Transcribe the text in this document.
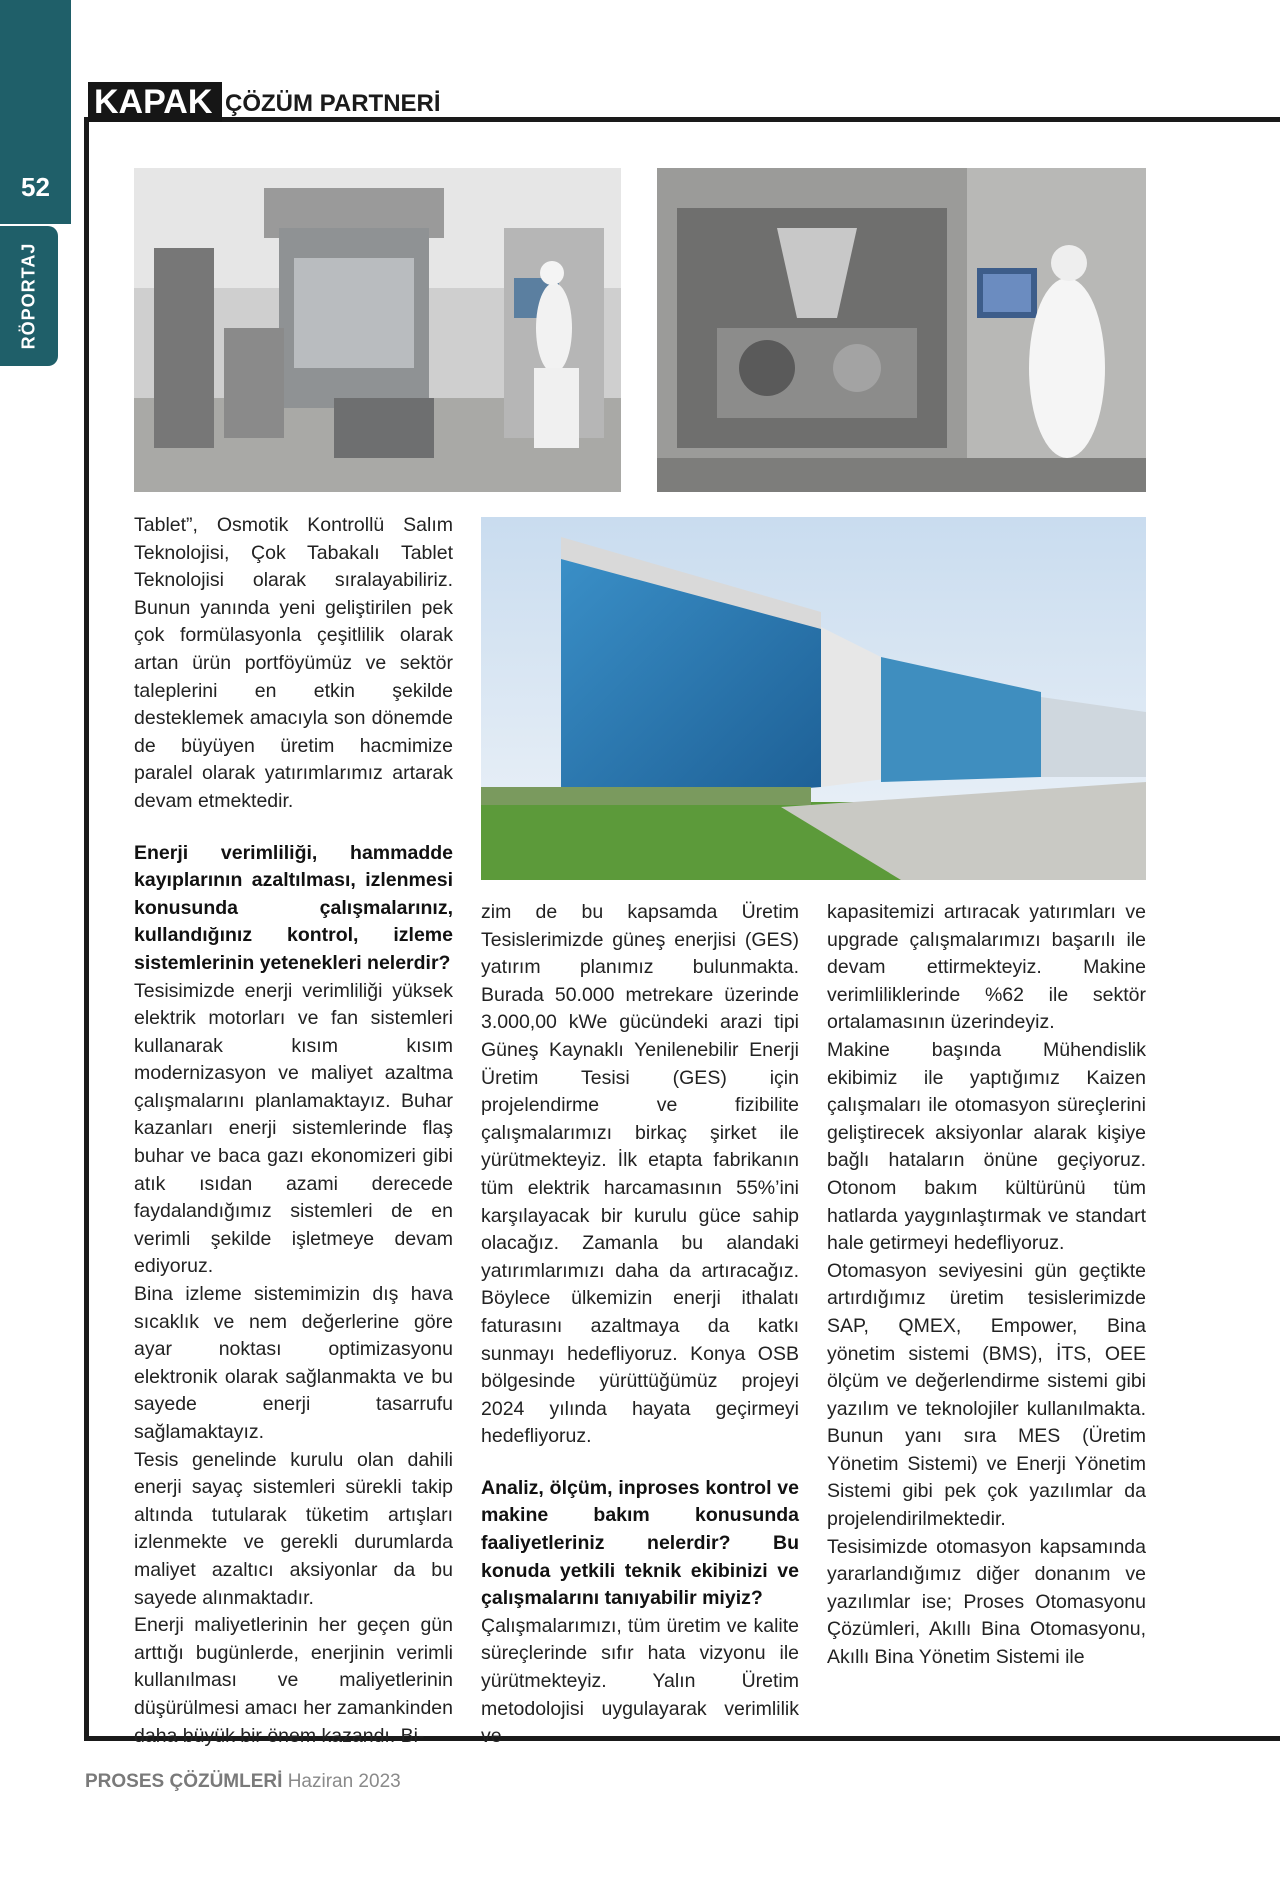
52
RÖPORTAJ
KAPAK ÇÖZÜM PARTNERİ

Tablet”, Osmotik Kontrollü Salım Teknolojisi, Çok Tabakalı Tablet Teknolojisi olarak sıralayabiliriz. Bunun yanında yeni geliştirilen pek çok formülasyonla çeşitlilik olarak artan ürün portföyümüz ve sektör taleplerini en etkin şekilde desteklemek amacıyla son dönemde de büyüyen üretim hacmimize paralel olarak yatırımlarımız artarak devam etmektedir.

Enerji verimliliği, hammadde kayıplarının azaltılması, izlenmesi konusunda çalışmalarınız, kullandığınız kontrol, izleme sistemlerinin yetenekleri nelerdir?

Tesisimizde enerji verimliliği yüksek elektrik motorları ve fan sistemleri kullanarak kısım kısım modernizasyon ve maliyet azaltma çalışmalarını planlamaktayız. Buhar kazanları enerji sistemlerinde flaş buhar ve baca gazı ekonomizeri gibi atık ısıdan azami derecede faydalandığımız sistemleri de en verimli şekilde işletmeye devam ediyoruz.

Bina izleme sistemimizin dış hava sıcaklık ve nem değerlerine göre ayar noktası optimizasyonu elektronik olarak sağlanmakta ve bu sayede enerji tasarrufu sağlamaktayız.

Tesis genelinde kurulu olan dahili enerji sayaç sistemleri sürekli takip altında tutularak tüketim artışları izlenmekte ve gerekli durumlarda maliyet azaltıcı aksiyonlar da bu sayede alınmaktadır.

Enerji maliyetlerinin her geçen gün arttığı bugünlerde, enerjinin verimli kullanılması ve maliyetlerinin düşürülmesi amacı her zamankinden daha büyük bir önem kazandı. Bi-

zim de bu kapsamda Üretim Tesislerimizde güneş enerjisi (GES) yatırım planımız bulunmakta. Burada 50.000 metrekare üzerinde 3.000,00 kWe gücündeki arazi tipi Güneş Kaynaklı Yenilenebilir Enerji Üretim Tesisi (GES) için projelendirme ve fizibilite çalışmalarımızı birkaç şirket ile yürütmekteyiz. İlk etapta fabrikanın tüm elektrik harcamasının 55%’ini karşılayacak bir kurulu güce sahip olacağız. Zamanla bu alandaki yatırımlarımızı daha da artıracağız. Böylece ülkemizin enerji ithalatı faturasını azaltmaya da katkı sunmayı hedefliyoruz. Konya OSB bölgesinde yürüttüğümüz projeyi 2024 yılında hayata geçirmeyi hedefliyoruz.

Analiz, ölçüm, inproses kontrol ve makine bakım konusunda faaliyetleriniz nelerdir? Bu konuda yetkili teknik ekibinizi ve çalışmalarını tanıyabilir miyiz?

Çalışmalarımızı, tüm üretim ve kalite süreçlerinde sıfır hata vizyonu ile yürütmekteyiz. Yalın Üretim metodolojisi uygulayarak verimlilik ve

kapasitemizi artıracak yatırımları ve upgrade çalışmalarımızı başarılı ile devam ettirmekteyiz. Makine verimliliklerinde %62 ile sektör ortalamasının üzerindeyiz.

Makine başında Mühendislik ekibimiz ile yaptığımız Kaizen çalışmaları ile otomasyon süreçlerini geliştirecek aksiyonlar alarak kişiye bağlı hataların önüne geçiyoruz. Otonom bakım kültürünü tüm hatlarda yaygınlaştırmak ve standart hale getirmeyi hedefliyoruz.

Otomasyon seviyesini gün geçtikte artırdığımız üretim tesislerimizde SAP, QMEX, Empower, Bina yönetim sistemi (BMS), İTS, OEE ölçüm ve değerlendirme sistemi gibi yazılım ve teknolojiler kullanılmakta. Bunun yanı sıra MES (Üretim Yönetim Sistemi) ve Enerji Yönetim Sistemi gibi pek çok yazılımlar da projelendirilmektedir.

Tesisimizde otomasyon kapsamında yararlandığımız diğer donanım ve yazılımlar ise; Proses Otomasyonu Çözümleri, Akıllı Bina Otomasyonu, Akıllı Bina Yönetim Sistemi ile

PROSES ÇÖZÜMLERİ Haziran 2023
